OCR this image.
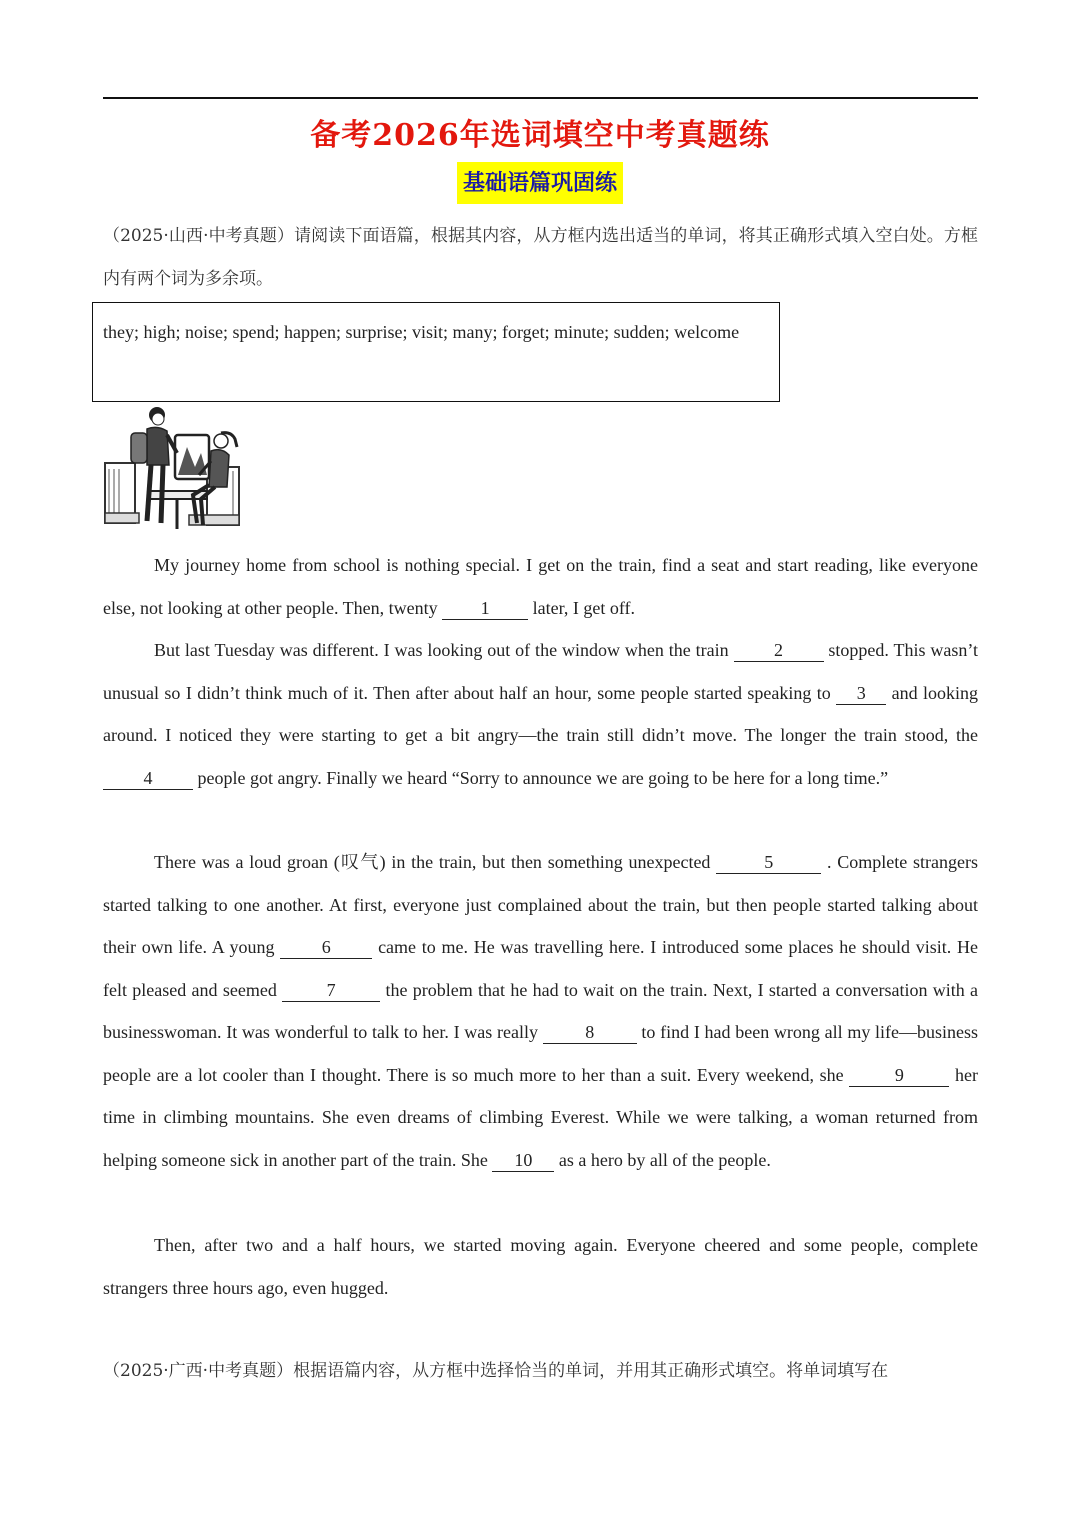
备考2026年选词填空中考真题练
基础语篇巩固练
（2025·山西·中考真题）请阅读下面语篇，根据其内容，从方框内选出适当的单词，将其正确形式填入空白处。方框内有两个词为多余项。
they; high; noise; spend; happen; surprise; visit; many; forget; minute; sudden; welcome
My journey home from school is nothing special. I get on the train, find a seat and start reading, like everyone else, not looking at other people. Then, twenty 1 later, I get off.
But last Tuesday was different. I was looking out of the window when the train	2	stopped. This wasn’t unusual so I didn’t think much of it. Then after about half an hour, some people started speaking to 3 and looking around. I noticed they were starting to get a bit angry—the train still didn’t move. The longer the train stood, the 4	people got angry. Finally we heard “Sorry to announce we are going to be here for a long time.”
There was a loud groan (叹气) in the train, but then something unexpected	5	. Complete strangers started talking to one another. At first, everyone just complained about the train, but then people started talking about their own life. A young	6	came to me. He was travelling here. I introduced some places he should visit. He felt pleased and seemed	7	the problem that he had to wait on the train. Next, I started a conversation with a businesswoman. It was wonderful to talk to her. I was really	8	to find I had been wrong all my life—business people are a lot cooler than I thought. There is so much more to her than a suit. Every weekend, she	9	her time in climbing mountains. She even dreams of climbing Everest. While we were talking, a woman returned from helping someone sick in another part of the train. She 10 as a hero by all of the people.
Then, after two and a half hours, we started moving again. Everyone cheered and some people, complete strangers three hours ago, even hugged.
（2025·广西·中考真题）根据语篇内容，从方框中选择恰当的单词，并用其正确形式填空。将单词填写在
